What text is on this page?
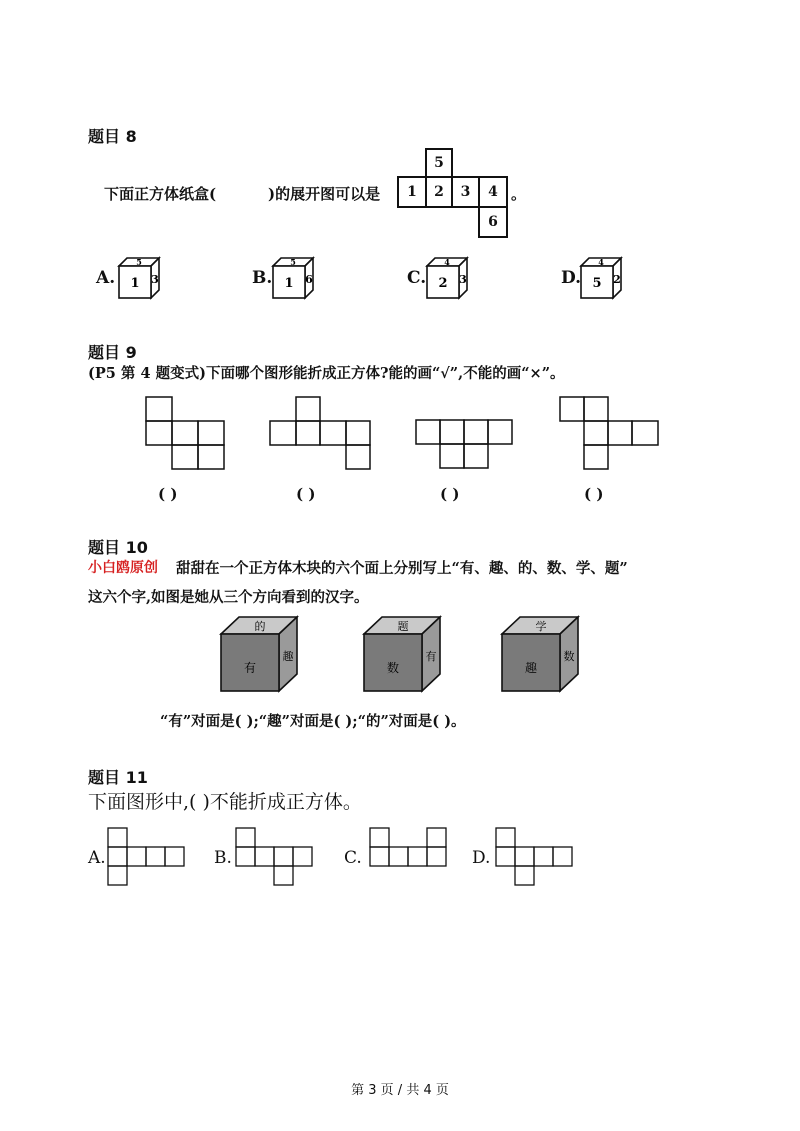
题目 8
下面正方体纸盒(	)的展开图可以是
5
1	2	3	4
6
。
A.
5
1 3	B.
5
1 6	C.
4
2 3	D.
4
5 2
题目 9
(P5 第 4 题变式)下面哪个图形能折成正方体?能的画“√”,不能的画“×”。
( )	( )	( )	( )
题目 10
小白鸥原创 甜甜在一个正方体木块的六个面上分别写上“有、趣、的、数、学、题”
这六个字,如图是她从三个方向看到的汉字。
的
有
趣
题
数
有
学
趣
数
“有”对面是( );“趣”对面是( );“的”对面是( )。
题目 11
下面图形中,( )不能折成正方体。
A.	B.	C.	D.
第 3 页 / 共 4 页
